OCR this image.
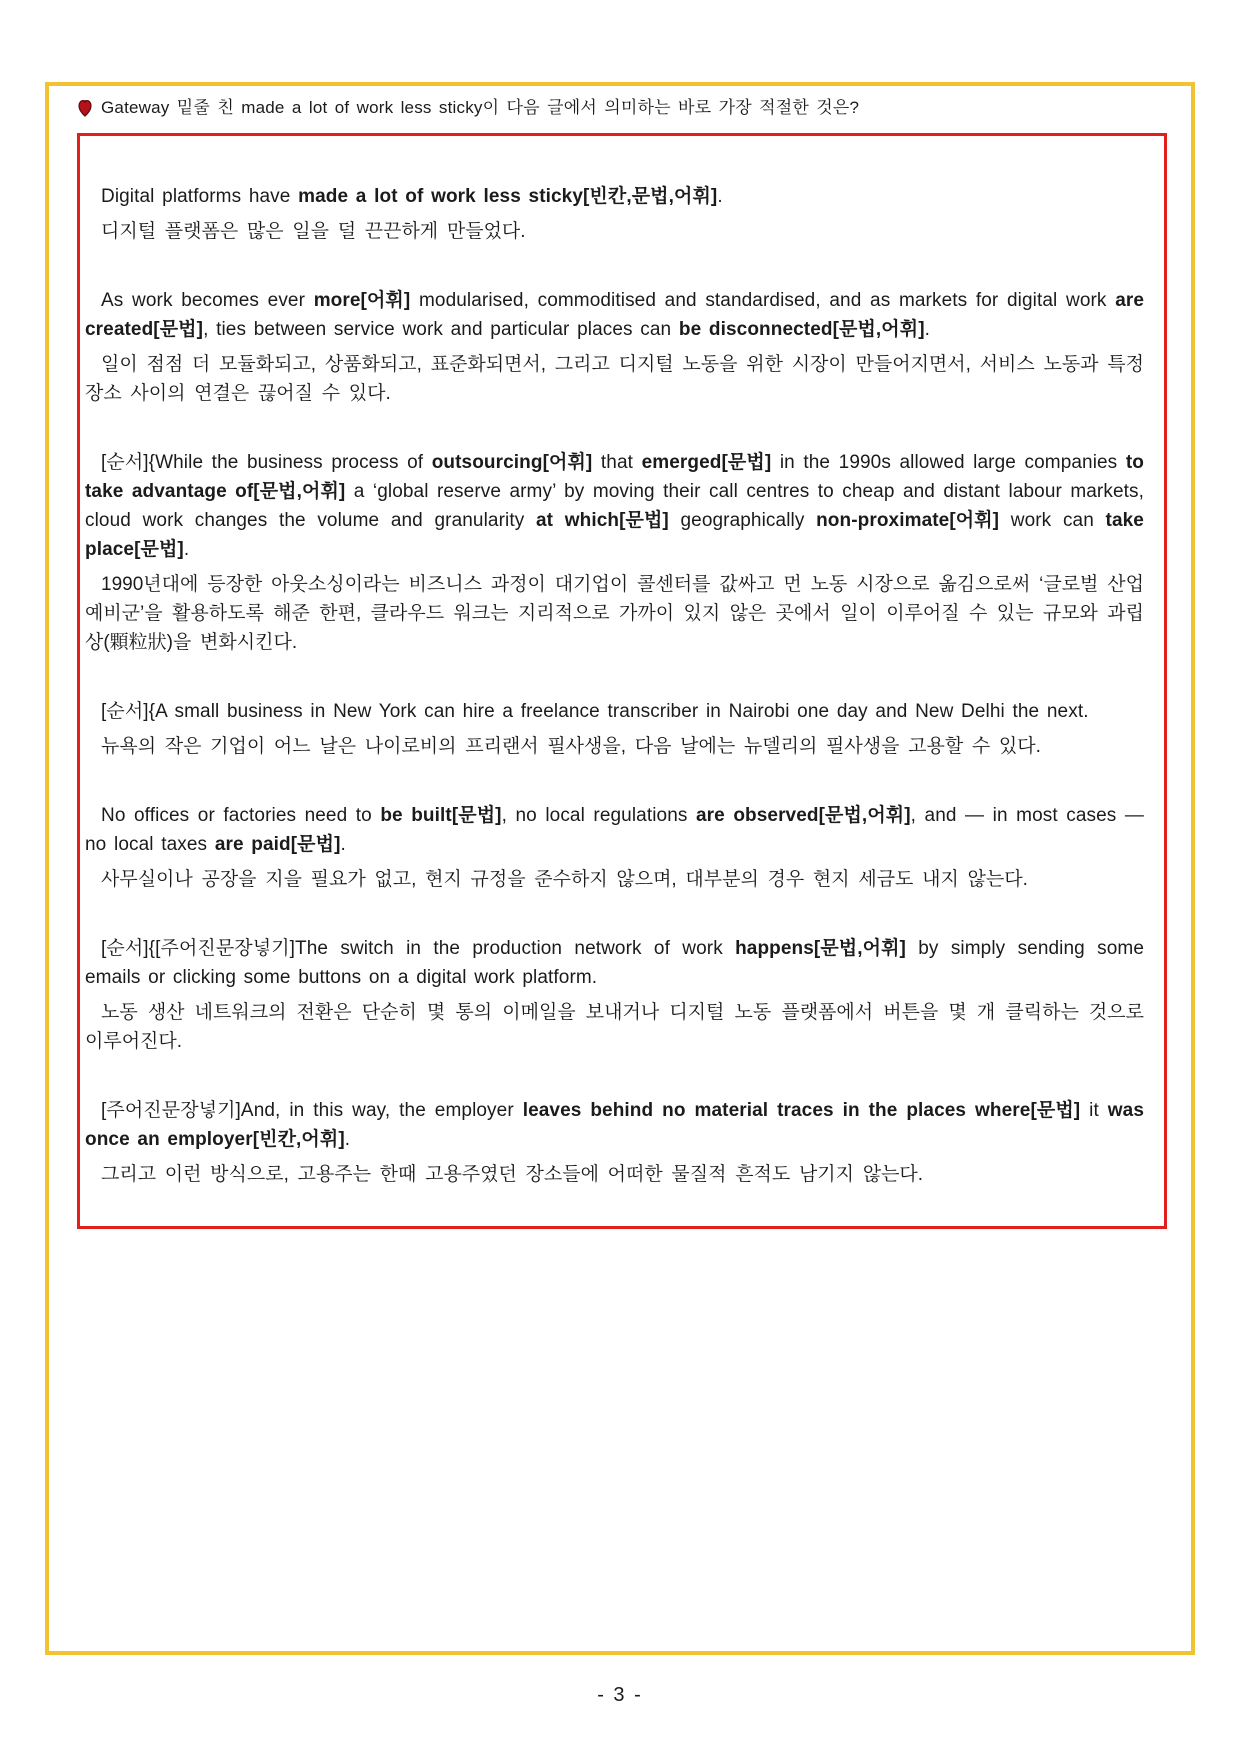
Gateway 밑줄 친 made a lot of work less sticky이 다음 글에서 의미하는 바로 가장 적절한 것은?

Digital platforms have made a lot of work less sticky[빈칸,문법,어휘].

디지털 플랫폼은 많은 일을 덜 끈끈하게 만들었다.

As work becomes ever more[어휘] modularised, commoditised and standardised, and as markets for digital work are created[문법], ties between service work and particular places can be disconnected[문법,어휘].

일이 점점 더 모듈화되고, 상품화되고, 표준화되면서, 그리고 디지털 노동을 위한 시장이 만들어지면서, 서비스 노동과 특정 장소 사이의 연결은 끊어질 수 있다.

[순서]{While the business process of outsourcing[어휘] that emerged[문법] in the 1990s allowed large companies to take advantage of[문법,어휘] a ‘global reserve army’ by moving their call centres to cheap and distant labour markets, cloud work changes the volume and granularity at which[문법] geographically non-proximate[어휘] work can take place[문법].

1990년대에 등장한 아웃소싱이라는 비즈니스 과정이 대기업이 콜센터를 값싸고 먼 노동 시장으로 옮김으로써 ‘글로벌 산업예비군’을 활용하도록 해준 한편, 클라우드 워크는 지리적으로 가까이 있지 않은 곳에서 일이 이루어질 수 있는 규모와 과립상(顆粒狀)을 변화시킨다.

[순서]{A small business in New York can hire a freelance transcriber in Nairobi one day and New Delhi the next.

뉴욕의 작은 기업이 어느 날은 나이로비의 프리랜서 필사생을, 다음 날에는 뉴델리의 필사생을 고용할 수 있다.

No offices or factories need to be built[문법], no local regulations are observed[문법,어휘], and — in most cases — no local taxes are paid[문법].

사무실이나 공장을 지을 필요가 없고, 현지 규정을 준수하지 않으며, 대부분의 경우 현지 세금도 내지 않는다.

[순서]{[주어진문장넣기]The switch in the production network of work happens[문법,어휘] by simply sending some emails or clicking some buttons on a digital work platform.

노동 생산 네트워크의 전환은 단순히 몇 통의 이메일을 보내거나 디지털 노동 플랫폼에서 버튼을 몇 개 클릭하는 것으로 이루어진다.

[주어진문장넣기]And, in this way, the employer leaves behind no material traces in the places where[문법] it was once an employer[빈칸,어휘].

그리고 이런 방식으로, 고용주는 한때 고용주였던 장소들에 어떠한 물질적 흔적도 남기지 않는다.

- 3 -
